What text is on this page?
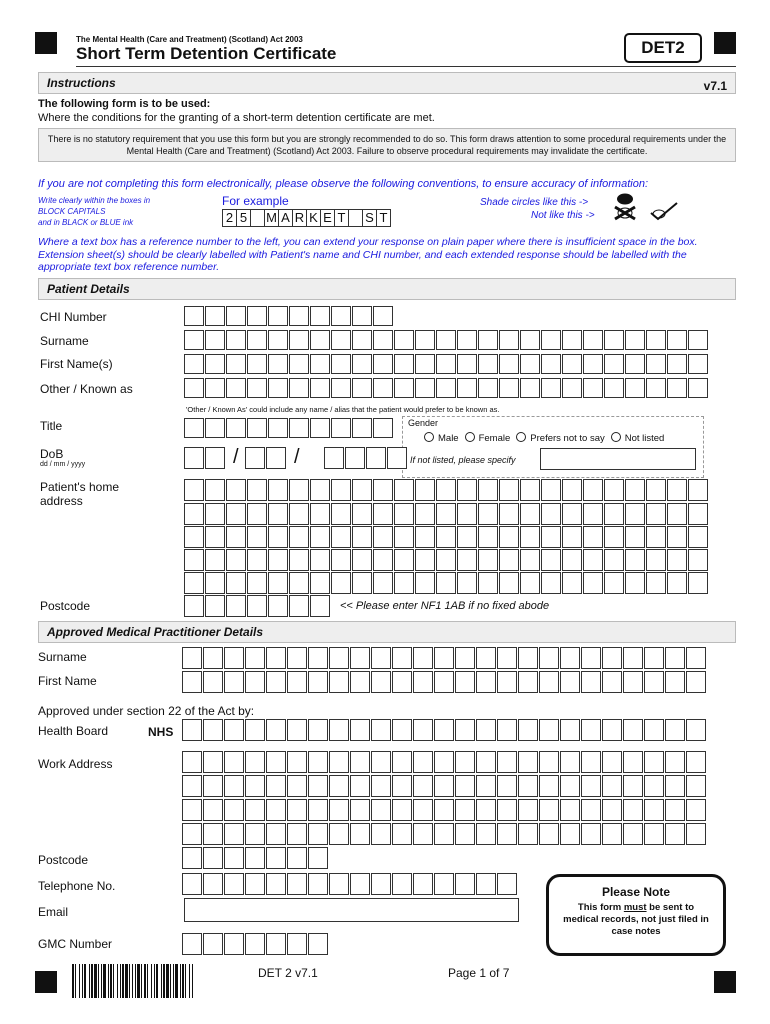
The Mental Health (Care and Treatment) (Scotland) Act 2003
Short Term Detention Certificate	DET2
Instructions	v7.1
The following form is to be used:
Where the conditions for the granting of a short-term detention certificate are met.
There is no statutory requirement that you use this form but you are strongly recommended to do so. This form draws attention to some procedural requirements under the Mental Health (Care and Treatment) (Scotland) Act 2003. Failure to observe procedural requirements may invalidate the certificate.
If you are not completing this form electronically, please observe the following conventions, to ensure accuracy of information:
Write clearly within the boxes in
BLOCK CAPITALS
and in BLACK or BLUE ink
For example
2 5 M A R K E T S T
Shade circles like this ->
Not like this ->
Where a text box has a reference number to the left, you can extend your response on plain paper where there is insufficient space in the box. Extension sheet(s) should be clearly labelled with Patient's name and CHI number, and each extended response should be labelled with the appropriate text box reference number.
Patient Details
CHI Number
Surname
First Name(s)
Other / Known as
'Other / Known As' could include any name / alias that the patient would prefer to be known as.
Title	Gender
Male Female Prefers not to say Not listed
If not listed, please specify
DoB
dd / mm / yyyy	/	/
Patient's home
address
Postcode	<< Please enter NF1 1AB if no fixed abode
Approved Medical Practitioner Details
Surname
First Name
Approved under section 22 of the Act by:
Health Board	NHS
Work Address
Postcode
Telephone No.
Email
GMC Number
Please Note
This form must be sent to medical records, not just filed in case notes
DET 2 v7.1	Page 1 of 7
